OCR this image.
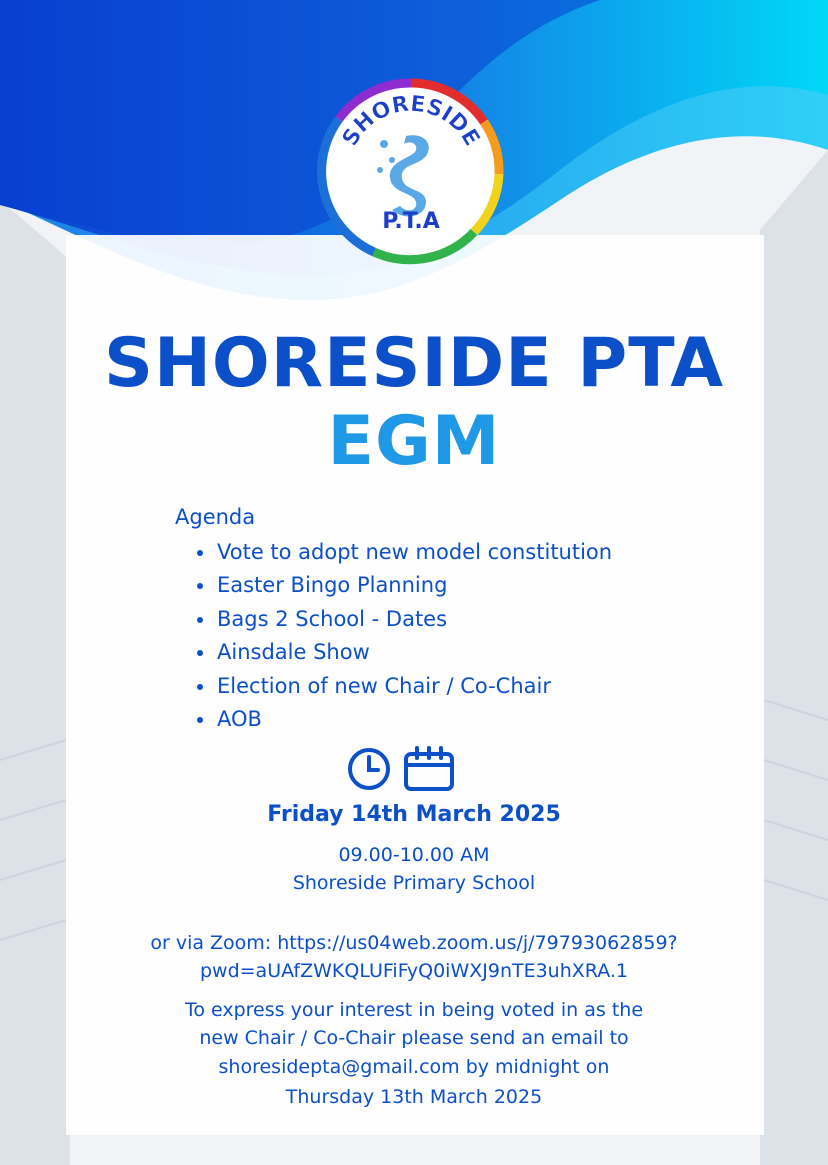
SHORESIDE
P.T.A
SHORESIDE PTA
EGM
Agenda
Vote to adopt new model constitution
Easter Bingo Planning
Bags 2 School - Dates
Ainsdale Show
Election of new Chair / Co-Chair
AOB
Friday 14th March 2025
09.00-10.00 AM
Shoreside Primary School
or via Zoom: https://us04web.zoom.us/j/79793062859?
pwd=aUAfZWKQLUFiFyQ0iWXJ9nTE3uhXRA.1
To express your interest in being voted in as the
new Chair / Co-Chair please send an email to
shoresidepta@gmail.com by midnight on
Thursday 13th March 2025
